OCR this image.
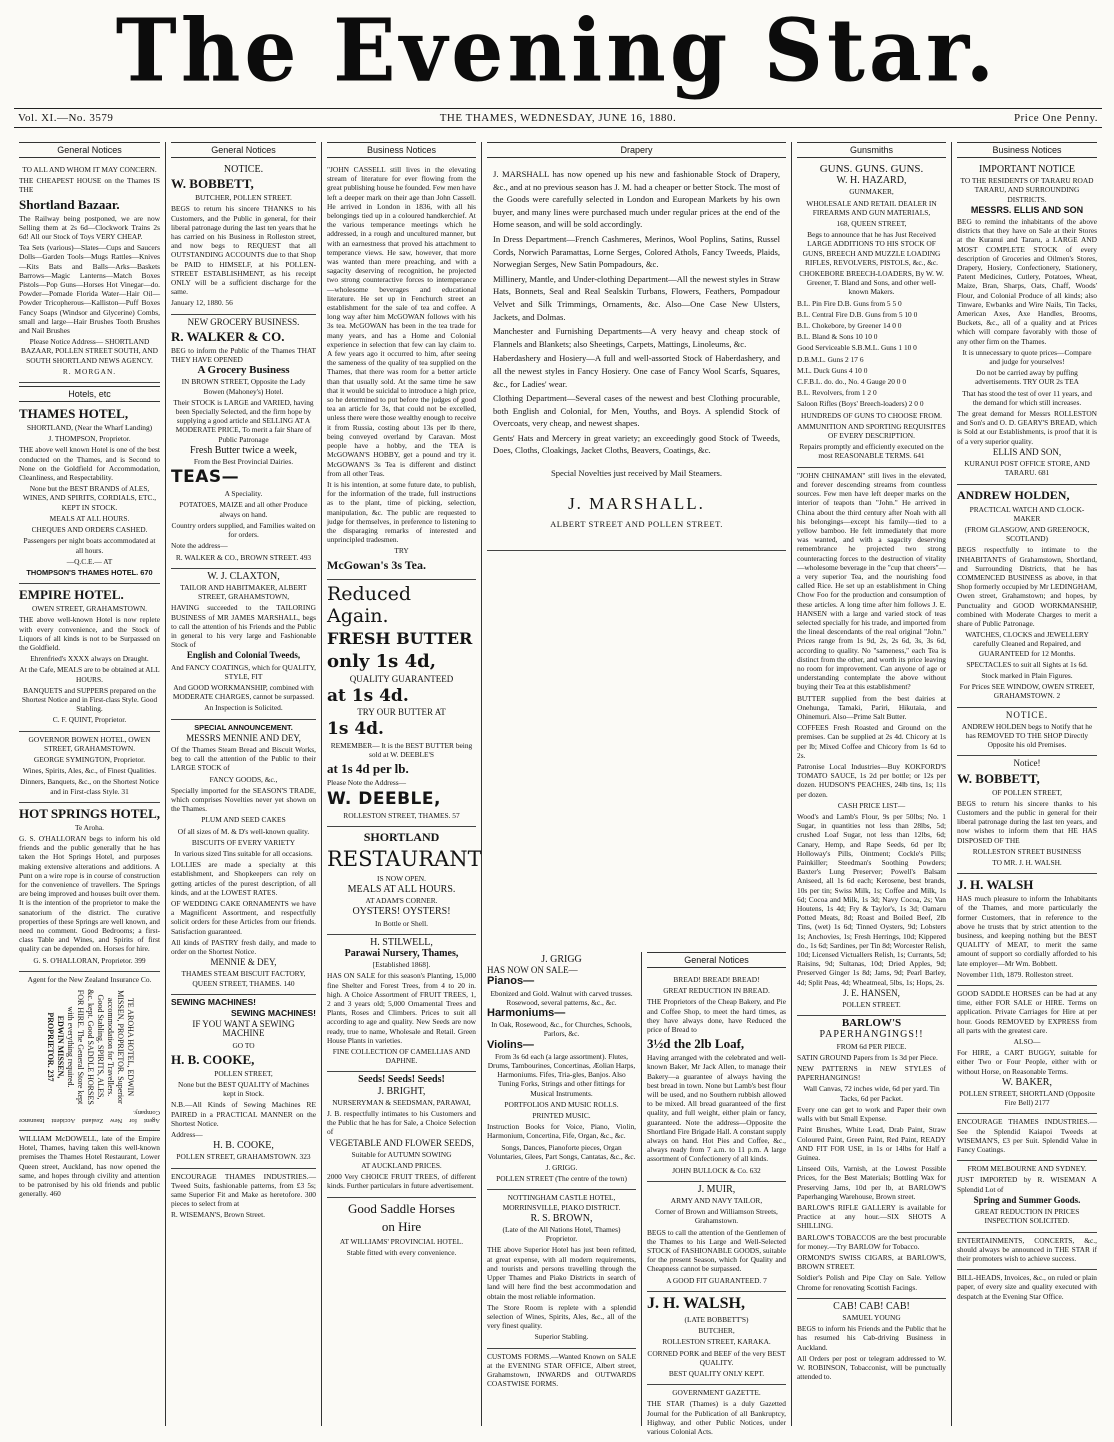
The Evening Star.
Vol. XI.—No. 3579	THE THAMES, WEDNESDAY, JUNE 16, 1880.	Price One Penny.
General Notices

TO ALL AND WHOM IT MAY CONCERN.

THE CHEAPEST HOUSE on the Thames IS THE

Shortland Bazaar.

The Railway being postponed, we are now Selling them at 2s 6d—Clockwork Trains 2s 6d! All our Stock of Toys VERY CHEAP.

Tea Sets (various)—Slates—Cups and Saucers Dolls—Garden Tools—Mugs Rattles—Knives—Kits Bats and Balls—Arks—Baskets Barrows—Magic Lanterns—Match Boxes Pistols—Pop Guns—Horses Hot Vinegar—do. Powder—Pomade Florida Water—Hair Oil—Powder Tricopherous—Kalliston—Puff Boxes Fancy Soaps (Windsor and Glycerine) Combs, small and large—Hair Brushes Tooth Brushes and Nail Brushes

Please Notice Address— SHORTLAND BAZAAR, POLLEN STREET SOUTH, AND SOUTH SHORTLAND NEWS AGENCY.

R. MORGAN.

Hotels, etc

THAMES HOTEL,

SHORTLAND, (Near the Wharf Landing)

J. THOMPSON, Proprietor.

THE above well known Hotel is one of the best conducted on the Thames, and is Second to None on the Goldfield for Accommodation, Cleanliness, and Respectability.

None but the BEST BRANDS of ALES, WINES, AND SPIRITS, CORDIALS, ETC., KEPT IN STOCK.

MEALS AT ALL HOURS.

CHEQUES AND ORDERS CASHED.

Passengers per night boats accommodated at all hours.

—Q.C.E.— AT

THOMPSON'S THAMES HOTEL. 670

EMPIRE HOTEL.

OWEN STREET, GRAHAMSTOWN.

THE above well-known Hotel is now replete with every convenience, and the Stock of Liquors of all kinds is not to be Surpassed on the Goldfield.

Ehrenfried's XXXX always on Draught.

At the Cafe, MEALS are to be obtained at ALL HOURS.

BANQUETS and SUPPERS prepared on the Shortest Notice and in First-class Style. Good Stabling.

C. F. QUINT, Proprietor.

GOVERNOR BOWEN HOTEL, OWEN STREET, GRAHAMSTOWN.

GEORGE SYMINGTON, Proprietor.

Wines, Spirits, Ales, &c., of Finest Qualities.

Dinners, Banquets, &c., on the Shortest Notice and in First-class Style. 31

HOT SPRINGS HOTEL,

Te Aroha.

G. S. O'HALLORAN begs to inform his old friends and the public generally that he has taken the Hot Springs Hotel, and purposes making extensive alterations and additions. A Punt on a wire rope is in course of construction for the convenience of travellers. The Springs are being improved and houses built over them. It is the intention of the proprietor to make the sanatorium of the district. The curative properties of these Springs are well known, and need no comment. Good Bedrooms; a first-class Table and Wines, and Spirits of first quality can be depended on. Horses for hire.

G. S. O'HALLORAN, Proprietor. 399

Agent for the New Zealand Insurance Co.

TE AROHA HOTEL, EDWIN MISSEN, PROPRIETOR. Superior accommodation for Travellers. Good Stabling. SPIRITS, ALES, &c. kept. Good SADDLE HORSES FOR HIRE. The General Store kept with everything required.
EDWIN MISSEN, PROPRIETOR. 237

Agent for New Zealand Accident Insurance Company.

WILLIAM McDOWELL, late of the Empire Hotel, Thames, having taken this well-known premises the Thames Hotel Restaurant, Lower Queen street, Auckland, has now opened the same, and hopes through civility and attention to be patronised by his old friends and public generally. 460

General Notices

NOTICE.

W. BOBBETT,

BUTCHER, POLLEN STREET.

BEGS to return his sincere THANKS to his Customers, and the Public in general, for their liberal patronage during the last ten years that he has carried on his Business in Rolleston street, and now begs to REQUEST that all OUTSTANDING ACCOUNTS due to that Shop be PAID to HIMSELF, at his POLLEN-STREET ESTABLISHMENT, as his receipt ONLY will be a sufficient discharge for the same.

January 12, 1880. 56

NEW GROCERY BUSINESS.

R. WALKER & CO.

BEG to inform the Public of the Thames THAT THEY HAVE OPENED

A Grocery Business

IN BROWN STREET, Opposite the Lady Bowen (Mahoney's) Hotel.

Their STOCK is LARGE and VARIED, having been Specially Selected, and the firm hope by supplying a good article and SELLING AT A MODERATE PRICE, To merit a fair Share of Public Patronage

Fresh Butter twice a week,

From the Best Provincial Dairies.

TEAS—

A Speciality.

POTATOES, MAIZE and all other Produce always on hand.

Country orders supplied, and Families waited on for orders.

Note the address—

R. WALKER & CO., BROWN STREET. 493

W. J. CLAXTON,

TAILOR AND HABITMAKER, ALBERT STREET, GRAHAMSTOWN,

HAVING succeeded to the TAILORING BUSINESS of MR JAMES MARSHALL, begs to call the attention of his Friends and the Public in general to his very large and Fashionable Stock of

English and Colonial Tweeds,

And FANCY COATINGS, which for QUALITY, STYLE, FIT

And GOOD WORKMANSHIP, combined with MODERATE CHARGES, cannot be surpassed.

An Inspection is Solicited.

SPECIAL ANNOUNCEMENT.

MESSRS MENNIE AND DEY,

Of the Thames Steam Bread and Biscuit Works, beg to call the attention of the Public to their LARGE STOCK of

FANCY GOODS, &c.,

Specially imported for the SEASON'S TRADE, which comprises Novelties never yet shown on the Thames.

PLUM AND SEED CAKES

Of all sizes of M. & D's well-known quality.

BISCUITS OF EVERY VARIETY

In various sized Tins suitable for all occasions.

LOLLIES are made a specialty at this establishment, and Shopkeepers can rely on getting articles of the purest description, of all kinds, and at the LOWEST RATES.

OF WEDDING CAKE ORNAMENTS we have a Magnificent Assortment, and respectfully solicit orders for these Articles from our friends. Satisfaction guaranteed.

All kinds of PASTRY fresh daily, and made to order on the Shortest Notice.

MENNIE & DEY,

THAMES STEAM BISCUIT FACTORY, QUEEN STREET, THAMES. 140

SEWING MACHINES!

SEWING MACHINES!

IF YOU WANT A SEWING MACHINE

GO TO

H. B. COOKE,

POLLEN STREET,

None but the BEST QUALITY of Machines kept in Stock.

N.B.—All Kinds of Sewing Machines RE PAIRED in a PRACTICAL MANNER on the Shortest Notice.

Address—

H. B. COOKE,

POLLEN STREET, GRAHAMSTOWN. 323

ENCOURAGE THAMES INDUSTRIES.—Tweed Suits, fashionable patterns, from £3 5s; same Superior Fit and Make as heretofore. 300 pieces to select from at

R. WISEMAN'S, Brown Street.

Business Notices

"JOHN CASSELL still lives in the elevating stream of literature for ever flowing from the great publishing house he founded. Few men have left a deeper mark on their age than John Cassell. He arrived in London in 1836, with all his belongings tied up in a coloured handkerchief. At the various temperance meetings which he addressed, in a rough and uncultured manner, but with an earnestness that proved his attachment to temperance views. He saw, however, that more was wanted than mere preaching, and with a sagacity deserving of recognition, he projected two strong counteractive forces to intemperance—wholesome beverages and educational literature. He set up in Fenchurch street an establishment for the sale of tea and coffee. A long way after him McGOWAN follows with his 3s tea. McGOWAN has been in the tea trade for many years, and has a Home and Colonial experience in selection that few can lay claim to. A few years ago it occurred to him, after seeing the sameness of the quality of tea supplied on the Thames, that there was room for a better article than that usually sold. At the same time he saw that it would be suicidal to introduce a high price, so he determined to put before the judges of good tea an article for 3s, that could not be excelled, unless there were those wealthy enough to receive it from Russia, costing about 13s per lb there, being conveyed overland by Caravan. Most people have a hobby, and the TEA is McGOWAN'S HOBBY, get a pound and try it. McGOWAN'S 3s Tea is different and distinct from all other Teas.

It is his intention, at some future date, to publish, for the information of the trade, full instructions as to the plant, time of picking, selection, manipulation, &c. The public are requested to judge for themselves, in preference to listening to the disparaging remarks of interested and unprincipled tradesmen.

TRY

McGowan's 3s Tea.

Reduced Again.

FRESH BUTTER

only 1s 4d,

QUALITY GUARANTEED

at 1s 4d.

TRY OUR BUTTER AT

1s 4d.

REMEMBER— It is the BEST BUTTER being sold at W. DEEBLE'S

at 1s 4d per lb.

Please Note the Address—

W. DEEBLE,

ROLLESTON STREET, THAMES. 57

SHORTLAND

RESTAURANT

IS NOW OPEN.

MEALS AT ALL HOURS.

AT ADAM'S CORNER.

OYSTERS! OYSTERS!

In Bottle or Shell.

H. STILWELL,

Parawai Nursery, Thames,

[Established 1868].

HAS ON SALE for this season's Planting, 15,000 fine Shelter and Forest Trees, from 4 to 20 in. high. A Choice Assortment of FRUIT TREES, 1, 2 and 3 years old; 5,000 Ornamental Trees and Plants, Roses and Climbers. Prices to suit all according to age and quality. New Seeds are now ready, true to name, Wholesale and Retail. Green House Plants in varieties.

FINE COLLECTION OF CAMELLIAS AND DAPHNE.

Seeds! Seeds! Seeds!

J. BRIGHT,

NURSERYMAN & SEEDSMAN, PARAWAI,

J. B. respectfully intimates to his Customers and the Public that he has for Sale, a Choice Selection of

VEGETABLE AND FLOWER SEEDS,

Suitable for AUTUMN SOWING

AT AUCKLAND PRICES.

2000 Very CHOICE FRUIT TREES, of different kinds. Further particulars in future advertisement.

Good Saddle Horses

on Hire

AT WILLIAMS' PROVINCIAL HOTEL.

Stable fitted with every convenience.

Drapery

J. MARSHALL has now opened up his new and fashionable Stock of Drapery, &c., and at no previous season has J. M. had a cheaper or better Stock. The most of the Goods were carefully selected in London and European Markets by his own buyer, and many lines were purchased much under regular prices at the end of the Home season, and will be sold accordingly.

In Dress Department—French Cashmeres, Merinos, Wool Poplins, Satins, Russel Cords, Norwich Paramattas, Lorne Serges, Colored Athols, Fancy Tweeds, Plaids, Norwegian Serges, New Satin Pompadours, &c.

Millinery, Mantle, and Under-clothing Department—All the newest styles in Straw Hats, Bonnets, Seal and Real Sealskin Turbans, Flowers, Feathers, Pompadour Velvet and Silk Trimmings, Ornaments, &c. Also—One Case New Ulsters, Jackets, and Dolmas.

Manchester and Furnishing Departments—A very heavy and cheap stock of Flannels and Blankets; also Sheetings, Carpets, Mattings, Linoleums, &c.

Haberdashery and Hosiery—A full and well-assorted Stock of Haberdashery, and all the newest styles in Fancy Hosiery. One case of Fancy Wool Scarfs, Squares, &c., for Ladies' wear.

Clothing Department—Several cases of the newest and best Clothing procurable, both English and Colonial, for Men, Youths, and Boys. A splendid Stock of Overcoats, very cheap, and newest shapes.

Gents' Hats and Mercery in great variety; an exceedingly good Stock of Tweeds, Does, Cloths, Cloakings, Jacket Cloths, Beavers, Coatings, &c.

Special Novelties just received by Mail Steamers.

J. MARSHALL.

ALBERT STREET AND POLLEN STREET.

J. GRIGG

HAS NOW ON SALE—

Pianos—

Ebonized and Gold. Walnut with carved trusses. Rosewood, several patterns, &c., &c.

Harmoniums—

In Oak, Rosewood, &c., for Churches, Schools, Parlors, &c.

Violins—

From 3s 6d each (a large assortment). Flutes, Drums, Tambourines, Concertinas, Æolian Harps, Harmoniums. Fifes, Tria-gles, Banjos. Also Tuning Forks, Strings and other fittings for Musical Instruments.

PORTFOLIOS AND MUSIC ROLLS.

PRINTED MUSIC.

Instruction Books for Voice, Piano, Violin, Harmonium, Concertina, Fife, Organ, &c., &c.

Songs, Dances, Pianoforte pieces, Organ Voluntaries, Glees, Part Songs, Cantatas, &c., &c.

J. GRIGG.

POLLEN STREET (The centre of the town)

NOTTINGHAM CASTLE HOTEL, MORRINSVILLE, PIAKO DISTRICT.

R. S. BROWN,

(Late of the All Nations Hotel, Thames) Proprietor.

THE above Superior Hotel has just been refitted, at great expense, with all modern requirements, and tourists and persons travelling through the Upper Thames and Piako Districts in search of land will here find the best accommodation and obtain the most reliable information.

The Store Room is replete with a splendid selection of Wines, Spirits, Ales, &c., all of the very finest quality.

Superior Stabling.

CUSTOMS FORMS.—Wanted Known on SALE at the EVENING STAR OFFICE, Albert street, Grahamstown, INWARDS and OUTWARDS COASTWISE FORMS.

General Notices

BREAD! BREAD! BREAD!

GREAT REDUCTION IN BREAD.

THE Proprietors of the Cheap Bakery, and Pie and Coffee Shop, to meet the hard times, as they have always done, have Reduced the price of Bread to

3½d the 2lb Loaf,

Having arranged with the celebrated and well-known Baker, Mr Jack Allen, to manage their Bakery—a guarantee of always having the best bread in town. None but Lamb's best flour will be used, and no Southern rubbish allowed to be mixed. All bread guaranteed of the first quality, and full weight, either plain or fancy, guaranteed. Note the address—Opposite the Shortland Fire Brigade Hall. A constant supply always on hand. Hot Pies and Coffee, &c., always ready from 7 a.m. to 11 p.m. A large assortment of Confectionery of all kinds.

JOHN BULLOCK & Co. 632

J. MUIR,

ARMY AND NAVY TAILOR,

Corner of Brown and Williamson Streets, Grahamstown.

BEGS to call the attention of the Gentlemen of the Thames to his Large and Well-Selected STOCK of FASHIONABLE GOODS, suitable for the present Season, which for Quality and Cheapness cannot be surpassed.

A GOOD FIT GUARANTEED. 7

J. H. WALSH,

(LATE BOBBETT'S)

BUTCHER,

ROLLESTON STREET, KARAKA.

CORNED PORK and BEEF of the very BEST QUALITY.

BEST QUALITY ONLY KEPT.

GOVERNMENT GAZETTE.

THE STAR (Thames) is a duly Gazetted Journal for the Publication of all Bankruptcy, Highway, and other Public Notices, under various Colonial Acts.

Gunsmiths

GUNS. GUNS. GUNS.

W. H. HAZARD,

GUNMAKER,

WHOLESALE AND RETAIL DEALER IN FIREARMS AND GUN MATERIALS,

168, QUEEN STREET,

Begs to announce that he has Just Received LARGE ADDITIONS TO HIS STOCK OF GUNS, BREECH AND MUZZLE LOADING RIFLES, REVOLVERS, PISTOLS, &c., &c.

CHOKEBORE BREECH-LOADERS, By W. W. Greener, T. Bland and Sons, and other well-known Makers.

B.L. Pin Fire D.B. Guns from 5 5 0

B.L. Central Fire D.B. Guns from 5 10 0

B.L. Chokebore, by Greener 14 0 0

B.L. Bland & Sons 10 10 0

Good Serviceable S.B.M.L. Guns 1 10 0

D.B.M.L. Guns 2 17 6

M.L. Duck Guns 4 10 0

C.F.B.L. do. do., No. 4 Gauge 20 0 0

B.L. Revolvers, from 1 2 0

Saloon Rifles (Boys' Breech-loaders) 2 0 0

HUNDREDS OF GUNS TO CHOOSE FROM.

AMMUNITION AND SPORTING REQUISITES OF EVERY DESCRIPTION.

Repairs promptly and efficiently executed on the most REASONABLE TERMS. 641

"JOHN CHINAMAN" still lives in the elevated, and forever descending streams from countless sources. Few men have left deeper marks on the interior of teapots than "John." He arrived in China about the third century after Noah with all his belongings—except his family—tied to a yellow bamboo. He felt immediately that more was wanted, and with a sagacity deserving remembrance he projected two strong counteracting forces to the destruction of vitality—wholesome beverage in the "cup that cheers"—a very superior Tea, and the nourishing food called Rice. He set up an establishment in Ching Chow Foo for the production and consumption of these articles. A long time after him follows J. E. HANSEN with a large and varied stock of teas selected specially for his trade, and imported from the lineal descendants of the real original "John." Prices range from 1s 9d, 2s, 2s 6d, 3s, 3s 6d, according to quality. No "sameness," each Tea is distinct from the other, and worth its price leaving no room for improvement. Can anyone of age or understanding contemplate the above without buying their Tea at this establishment?

BUTTER supplied from the best dairies at Onehunga, Tamaki, Pariri, Hikutaia, and Ohinemuri. Also—Prime Salt Butter.

COFFEES Fresh Roasted and Ground on the premises. Can be supplied at 2s 4d. Chicory at 1s per lb; Mixed Coffee and Chicory from 1s 6d to 2s.

Patronise Local Industries—Buy KOKFORD'S TOMATO SAUCE, 1s 2d per bottle; or 12s per dozen. HUDSON'S PEACHES, 24lb tins, 1s; 11s per dozen.

CASH PRICE LIST—

Wood's and Lamb's Flour, 9s per 50lbs; No. 1 Sugar, in quantities not less than 28lbs, 5d; crushed Loaf Sugar, not less than 12lbs, 6d; Canary, Hemp, and Rape Seeds, 6d per lb; Holloway's Pills, Ointment; Cockle's Pills; Painkiller; Steedman's Soothing Powders; Baxter's Lung Preserver; Powell's Balsam Aniseed, all 1s 6d each; Kerosene, best brands, 10s per tin; Swiss Milk, 1s; Coffee and Milk, 1s 6d; Cocoa and Milk, 1s 3d; Navy Cocoa, 2s; Van Houtens, 1s 4d; Fry & Taylor's, 1s 3d; Oamaru Potted Meats, 8d; Roast and Boiled Beef, 2lb Tins, (wet) 1s 6d; Tinned Oysters, 9d; Lobsters 1s; Anchovies, 1s; Fresh Herrings, 10d; Kippered do., 1s 6d; Sardines, per Tin 8d; Worcester Relish, 10d; Licensed Victuallers Relish, 1s; Currants, 5d; Raisins, 9d; Sultanas, 10d; Dried Apples, 9d; Preserved Ginger 1s 8d; Jams, 9d; Pearl Barley, 4d; Split Peas, 4d; Wheatmeal, 5lbs, 1s; Hops, 2s.

J. E. HANSEN,

POLLEN STREET.

BARLOW'S

PAPERHANGINGS!!

FROM 6d PER PIECE.

SATIN GROUND Papers from 1s 3d per Piece.

NEW PATTERNS in NEW STYLES of PAPERHANGINGS!

Wall Canvas, 72 inches wide, 6d per yard. Tin Tacks, 6d per Packet.

Every one can get to work and Paper their own walls with but Small Expense.

Paint Brushes, White Lead, Drab Paint, Straw Coloured Paint, Green Paint, Red Paint, READY AND FIT FOR USE, in 1s or 14lbs for Half a Guinea.

Linseed Oils, Varnish, at the Lowest Possible Prices, for the Best Materials; Bottling Wax for Preserving Jams, 10d per lb, at BARLOW'S Paperhanging Warehouse, Brown street.

BARLOW'S RIFLE GALLERY is available for Practice at any hour.—SIX SHOTS A SHILLING.

BARLOW'S TOBACCOS are the best procurable for money.—Try BARLOW for Tobacco.

ORMOND'S SWISS CIGARS, at BARLOW'S, BROWN STREET.

Soldier's Polish and Pipe Clay on Sale. Yellow Chrome for renovating Scottish Facings.

CAB! CAB! CAB!

SAMUEL YOUNG

BEGS to inform his Friends and the Public that he has resumed his Cab-driving Business in Auckland.

All Orders per post or telegram addressed to W. W. ROBINSON, Tobacconist, will be punctually attended to.

Business Notices

IMPORTANT NOTICE

TO THE RESIDENTS OF TARARU ROAD TARARU, AND SURROUNDING DISTRICTS.

MESSRS. ELLIS AND SON

BEG to remind the inhabitants of the above districts that they have on Sale at their Stores at the Kuranui and Tararu, a LARGE AND MOST COMPLETE STOCK of every description of Groceries and Oilmen's Stores, Drapery, Hosiery, Confectionery, Stationery, Patent Medicines, Cutlery, Potatoes, Wheat, Maize, Bran, Sharps, Oats, Chaff, Woods' Flour, and Colonial Produce of all kinds; also Tinware, Ewbanks and Wire Nails, Tin Tacks, American Axes, Axe Handles, Brooms, Buckets, &c., all of a quality and at Prices which will compare favorably with those of any other firm on the Thames.

It is unnecessary to quote prices—Compare and judge for yourselves!

Do not be carried away by puffing advertisements. TRY OUR 2s TEA

That has stood the test of over 11 years, and the demand for which still increases.

The great demand for Messrs ROLLESTON and Son's and O. D. GEARY'S BREAD, which is Sold at our Establishments, is proof that it is of a very superior quality.

ELLIS AND SON,

KURANUI POST OFFICE STORE, AND TARARU. 681

ANDREW HOLDEN,

PRACTICAL WATCH AND CLOCK-MAKER

(FROM GLASGOW, AND GREENOCK, SCOTLAND)

BEGS respectfully to intimate to the INHABITANTS of Grahamstown, Shortland, and Surrounding Districts, that he has COMMENCED BUSINESS as above, in that Shop formerly occupied by Mr LEDINGHAM, Owen street, Grahamstown; and hopes, by Punctuality and GOOD WORKMANSHIP, combined with Moderate Charges to merit a share of Public Patronage.

WATCHES, CLOCKS and JEWELLERY carefully Cleaned and Repaired, and GUARANTEED for 12 Months.

SPECTACLES to suit all Sights at 1s 6d.

Stock marked in Plain Figures.

For Prices SEE WINDOW, OWEN STREET, GRAHAMSTOWN. 2

NOTICE.

ANDREW HOLDEN begs to Notify that he has REMOVED TO THE SHOP Directly Opposite his old Premises.

Notice!

W. BOBBETT,

OF POLLEN STREET,

BEGS to return his sincere thanks to his Customers and the public in general for their liberal patronage during the last ten years, and now wishes to inform them that HE HAS DISPOSED OF THE

ROLLESTON STREET BUSINESS

TO MR. J. H. WALSH.

J. H. WALSH

HAS much pleasure to inform the Inhabitants of the Thames, and more particularly the former Customers, that in reference to the above he trusts that by strict attention to the business, and keeping nothing but the BEST QUALITY of MEAT, to merit the same amount of support so cordially afforded to his late employer—Mr Wm. Bobbett.

November 11th, 1879. Rolleston street.

GOOD SADDLE HORSES can be had at any time, either FOR SALE or HIRE. Terms on application. Private Carriages for Hire at per hour. Goods REMOVED by EXPRESS from all parts with the greatest care.

ALSO—

For HIRE, a CART BUGGY, suitable for either Two or Four People, either with or without Horse, on Reasonable Terms.

W. BAKER,

POLLEN STREET, SHORTLAND (Opposite Fire Bell) 2177

ENCOURAGE THAMES INDUSTRIES.—See the Splendid Kaiapoi Tweeds at WISEMAN'S, £3 per Suit. Splendid Value in Fancy Coatings.

FROM MELBOURNE AND SYDNEY.

JUST IMPORTED by R. WISEMAN A Splendid Lot of

Spring and Summer Goods.

GREAT REDUCTION IN PRICES INSPECTION SOLICITED.

ENTERTAINMENTS, CONCERTS, &c., should always be announced in THE STAR if their promoters wish to achieve success.

BILL-HEADS, Invoices, &c., on ruled or plain paper, of every size and quality executed with despatch at the Evening Star Office.
